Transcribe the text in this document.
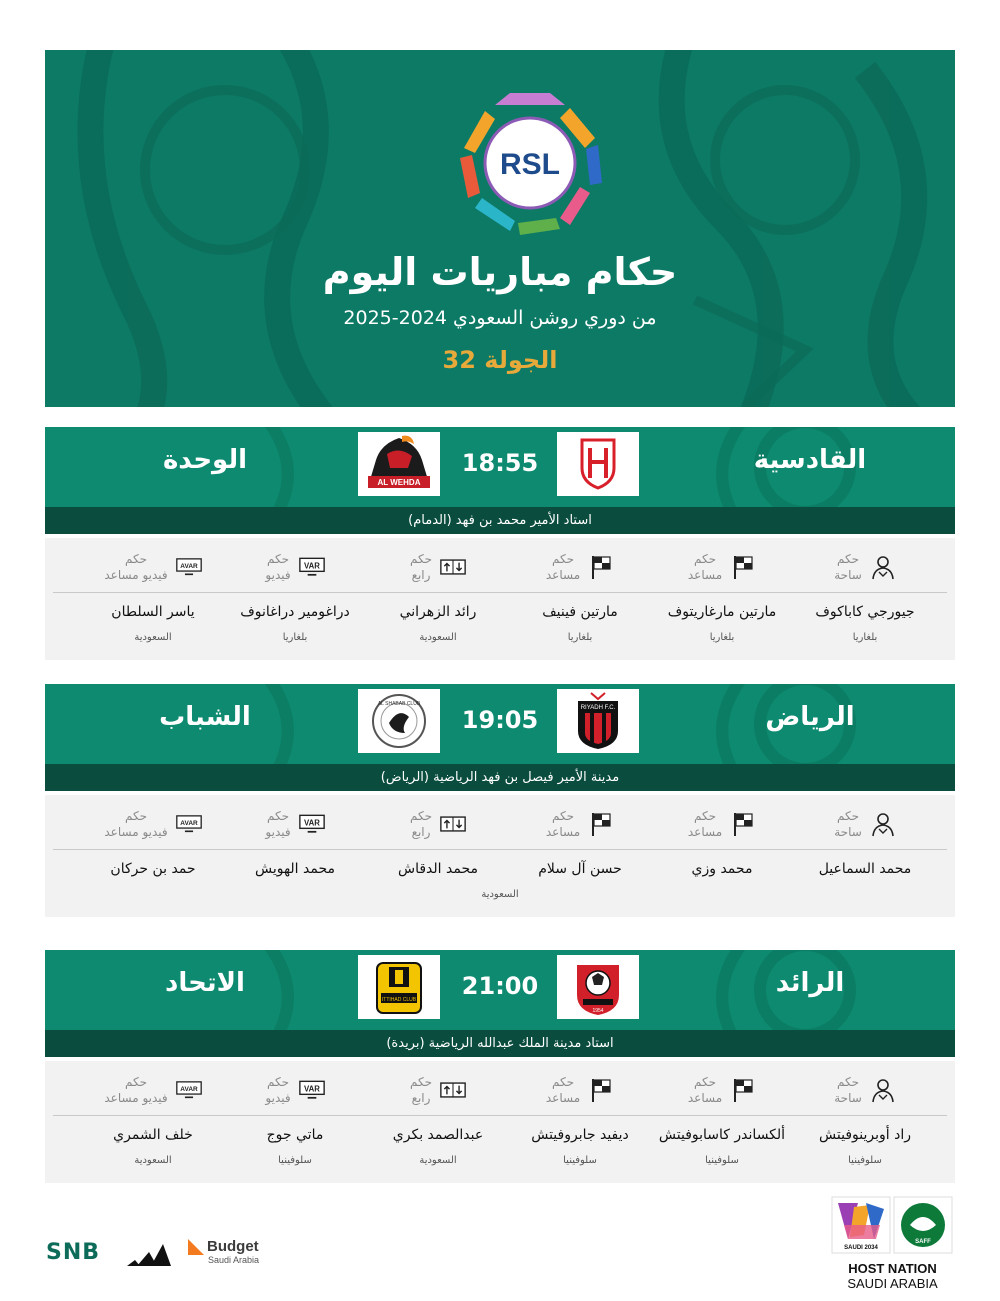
RSL
حكام مباريات اليوم
من دوري روشن السعودي 2024-2025
الجولة 32
القادسية
18:55
AL WEHDA
الوحدة
استاد الأمير محمد بن فهد (الدمام)
حكم
ساحة
جيورجي كاباكوف
بلغاريا
حكم
مساعد
مارتين مارغاريتوف
بلغاريا
حكم
مساعد
مارتين فينيف
بلغاريا
حكم
رابع
رائد الزهراني
السعودية
VAR
حكم
فيديو
دراغومير دراغانوف
بلغاريا
AVAR
حكم
فيديو مساعد
ياسر السلطان
السعودية
الرياض
RIYADH F.C.
19:05
AL SHABAB CLUB
الشباب
مدينة الأمير فيصل بن فهد الرياضية (الرياض)
السعودية
حكم
ساحة
محمد السماعيل
حكم
مساعد
محمد وزي
حكم
مساعد
حسن آل سلام
حكم
رابع
محمد الدقاش
VAR
حكم
فيديو
محمد الهويش
AVAR
حكم
فيديو مساعد
حمد بن حركان
الرائد
1954
21:00
ITTIHAD CLUB
الاتحاد
استاد مدينة الملك عبدالله الرياضية (بريدة)
حكم
ساحة
راد أوبرينوفيتش
سلوفينيا
حكم
مساعد
ألكساندر كاسابوفيتش
سلوفينيا
حكم
مساعد
ديفيد جابروفيتش
سلوفينيا
حكم
رابع
عبدالصمد بكري
السعودية
VAR
حكم
فيديو
ماتي جوج
سلوفينيا
AVAR
حكم
فيديو مساعد
خلف الشمري
السعودية
SNB	Budget
Saudi Arabia
SAUDI 2034
SAFF
HOST NATION
SAUDI ARABIA
